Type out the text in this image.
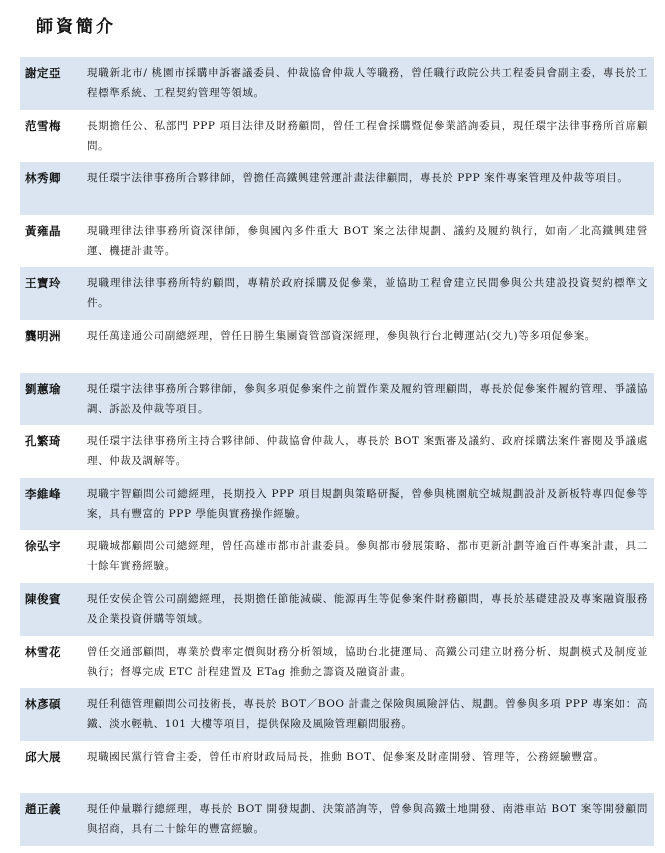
師資簡介
謝定亞	現職新北市/ 桃園市採購申訴審議委員、仲裁協會仲裁人等職務，曾任職行政院公共工程委員會副主委，專長於工程標準系統、工程契約管理等領域。
范雪梅	長期擔任公、私部門 PPP 項目法律及財務顧問，曾任工程會採購暨促參業諮詢委員，現任環宇法律事務所首席顧問。
林秀卿	現任環宇法律事務所合夥律師，曾擔任高鐵興建營運計畫法律顧問，專長於 PPP 案件專案管理及仲裁等項目。
黃雍晶	現職理律法律事務所資深律師，參與國內多件重大 BOT 案之法律規劃、議約及履約執行，如南／北高鐵興建營運、機捷計畫等。
王寶玲	現職理律法律事務所特約顧問，專精於政府採購及促參業，並協助工程會建立民間參與公共建設投資契約標準文件。
龔明洲	現任萬達通公司副總經理，曾任日勝生集團資管部資深經理，參與執行台北轉運站(交九)等多項促參案。
劉蕙瑜	現任環宇法律事務所合夥律師，參與多項促參案件之前置作業及履約管理顧問，專長於促參案件履約管理、爭議協調、訴訟及仲裁等項目。
孔繁琦	現任環宇法律事務所主持合夥律師、仲裁協會仲裁人，專長於 BOT 案甄審及議約、政府採購法案件審閱及爭議處理、仲裁及調解等。
李維峰	現職宇智顧問公司總經理，長期投入 PPP 項目規劃與策略研擬，曾參與桃園航空城規劃設計及新板特專四促參等案，具有豐富的 PPP 學能與實務操作經驗。
徐弘宇	現職城都顧問公司總經理，曾任高雄市都市計畫委員。參與都市發展策略、都市更新計劃等逾百件專案計畫，具二十餘年實務經驗。
陳俊賓	現任安侯企管公司副總經理，長期擔任節能減碳、能源再生等促參案件財務顧問，專長於基礎建設及專案融資服務及企業投資併購等領域。
林雪花	曾任交通部顧問，專業於費率定價與財務分析領域，協助台北捷運局、高鐵公司建立財務分析、規劃模式及制度並執行；督導完成 ETC 計程建置及 ETag 推動之籌資及融資計畫。
林彥碩	現任利德管理顧問公司技術長，專長於 BOT／BOO 計畫之保險與風險評估、規劃。曾參與多項 PPP 專案如：高鐵、淡水輕軌、101 大樓等項目，提供保險及風險管理顧問服務。
邱大展	現職國民黨行管會主委，曾任市府財政局局長，推動 BOT、促參案及財產開發、管理等，公務經驗豐富。
趙正義	現任仲量聯行總經理，專長於 BOT 開發規劃、決策諮詢等，曾參與高鐵土地開發、南港車站 BOT 案等開發顧問與招商，具有二十餘年的豐富經驗。
